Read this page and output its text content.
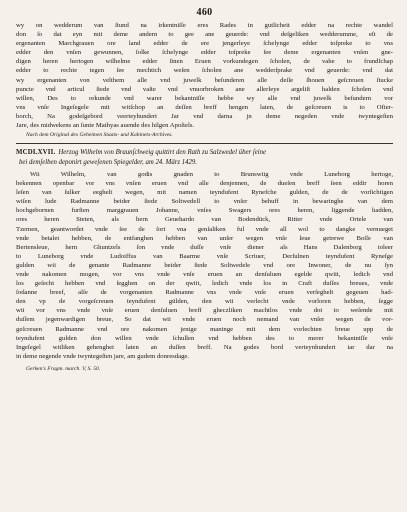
460
wy on wedderum van ſtund na irkentniſſe eres Rades in gutlicheit edder na rechte wandel
don ſo dat eyn mit deme andern to gee ane geuerde: vnd deſgeliken wedderumme, eſt de
ergenanten Marchgrauen ore land edder de ere jengerleye ſchelynge edder toſpreke to vns
edder den vnſen gewunnen, ſolke ſchelynge edder toſpreke ſee deme ergenanten vnſen gne-
digen heren hertogen wilhelme edder ſinen Eruen vorkundegen ſcholen, de vahe to frundſchap
edder to rechte tegen ſee mechtich weſen ſcholen ane wedderſprake vnd geuerde: vnd dat
wy ergenanten von velthem alle vnd juwelk beſunderen alle deſſe ſhouen geſcreuen ſtucke
puncte vnd articul ſtede vnd vaſte vnd vnuorbroken ane allerleye argeliſt halden ſcholen vnd
willen, Des to orkunde vnd warer bekantniſſe hebbe wy alle vnd juwelk beſundern vor
vns vnſe Ingeſegele mit witſchop an deſſen breff hengen laten, de geſcreuen is to Ofter-
borch, Na godeſgebord veerteyhundert Jar vnd darna jn deme negeden vnde twyntegeſten
Jare, des midwekens an ſunte Mathyas auende des hilgen Apoſtels.
Nach dem Original des Geheimen Staats- und Kabinets-Archives.
MCDLXVII. Herzog Wilhelm von Braunſchweig quittirt den Rath zu Salzwedel über ſeine
bei demſelben deponirt geweſenen Spiegelder, am 24. März 1429.
Wii Wilhelm, van godis gnaden to Brunswiig vnde Luneborg hertoge,
bekennen openbar vor vns vnſen eruen vnd alle denjennen, de dueſen breff ſeen eddir horen
leſen van ſulker eeghelt wegen, mit namen teyndufent Rynefche gulden, de de vorſichtigen
wiſen lude Radmanne beider ſtede Soltwedell to vnſer behuff in bewaringhe van dem
hochgebornen furſten marggrauen Johanne, vnſes Swagers ores heren, liggende hadden,
ores heren Steten, als hern Geuehardo van Bodendück, Ritter vnde Ortele van
Tzemen, geantwordet vnde ſee de ſort vna genſaliken ful vnde all wol to dangke vernueget
vnde betalet hebben, de entfanghen hebben van unſer wegen vnſe leue getrewe Boſſe van
Bertensleue, hern Ghuntzels ſon vnde duſſe vnſe diener als Hans Dalenborg toleer
to Luneborg vnde Ludoiffus van Baarme vnſe Scriuer, Derſulnen teyndufent Ryneſge
gulden wii de genante Radmanne beider ſtede Soltwedele vnd ore Inwoner, de nu ſyn
vnde nakomen mogen, vor vns vnde vnſe eruen an denſuluen egelde qwiit, ledich vnd
los geſecht hebben vnd ſegghen on der qwiit, ledich vnde los in Craft duſſes breues, vnde
ſodanne breef, alſe de vorgenanten Radmanne vns vnde vnſe eruen verſeghelt gegeuen had-
den vp de vorgeſcreuen teyndufent gülden, den wii verlecht vnde vorloren hebben, ſegge
wii vor vns vnde vnſe eruen denſuluen breff gheczliken machtlos vnde dot to weſende mit
duſſem jegenwardigen breue, So dat wii vnde eruen noch nemand van vnſer wegen de vor-
geſcreuen Radmanne vnd ore nakomen jenige maninge mit dem vorlechten breue upp de
teyndufent gulden don willen vnde ſchullen vnd hebben des to merer bekantniſſe vnſe
Ingeſegel witliken gehenghet laten an duſſen breff. Na godes bord verteynhundert iar dar na
in deme negende vnde twyntegeſten jare, am gudem donresdage.
Gerken's Fragm. march. V, S. 50.
